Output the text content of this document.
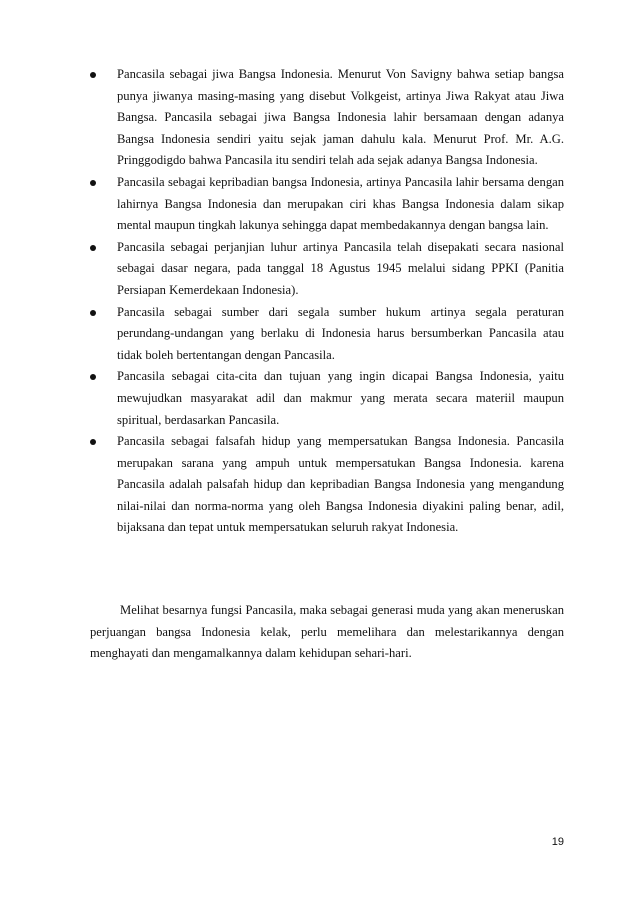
Pancasila sebagai jiwa Bangsa Indonesia. Menurut Von Savigny bahwa setiap bangsa punya jiwanya masing-masing yang disebut Volkgeist, artinya Jiwa Rakyat atau Jiwa Bangsa. Pancasila sebagai jiwa Bangsa Indonesia lahir bersamaan dengan adanya Bangsa Indonesia sendiri yaitu sejak jaman dahulu kala. Menurut Prof. Mr. A.G. Pringgodigdo bahwa Pancasila itu sendiri telah ada sejak adanya Bangsa Indonesia.

Pancasila sebagai kepribadian bangsa Indonesia, artinya Pancasila lahir bersama dengan lahirnya Bangsa Indonesia dan merupakan ciri khas Bangsa Indonesia dalam sikap mental maupun tingkah lakunya sehingga dapat membedakannya dengan bangsa lain.

Pancasila sebagai perjanjian luhur artinya Pancasila telah disepakati secara nasional sebagai dasar negara, pada tanggal 18 Agustus 1945 melalui sidang PPKI (Panitia Persiapan Kemerdekaan Indonesia).

Pancasila sebagai sumber dari segala sumber hukum artinya segala peraturan perundang-undangan yang berlaku di Indonesia harus bersumberkan Pancasila atau tidak boleh bertentangan dengan Pancasila.

Pancasila sebagai cita-cita dan tujuan yang ingin dicapai Bangsa Indonesia, yaitu mewujudkan masyarakat adil dan makmur yang merata secara materiil maupun spiritual, berdasarkan Pancasila.

Pancasila sebagai falsafah hidup yang mempersatukan Bangsa Indonesia. Pancasila merupakan sarana yang ampuh untuk mempersatukan Bangsa Indonesia. karena Pancasila adalah palsafah hidup dan kepribadian Bangsa Indonesia yang mengandung nilai-nilai dan norma-norma yang oleh Bangsa Indonesia diyakini paling benar, adil, bijaksana dan tepat untuk mempersatukan seluruh rakyat Indonesia.

Melihat besarnya fungsi Pancasila, maka sebagai generasi muda yang akan meneruskan perjuangan bangsa Indonesia kelak, perlu memelihara dan melestarikannya dengan menghayati dan mengamalkannya dalam kehidupan sehari-hari.

19
